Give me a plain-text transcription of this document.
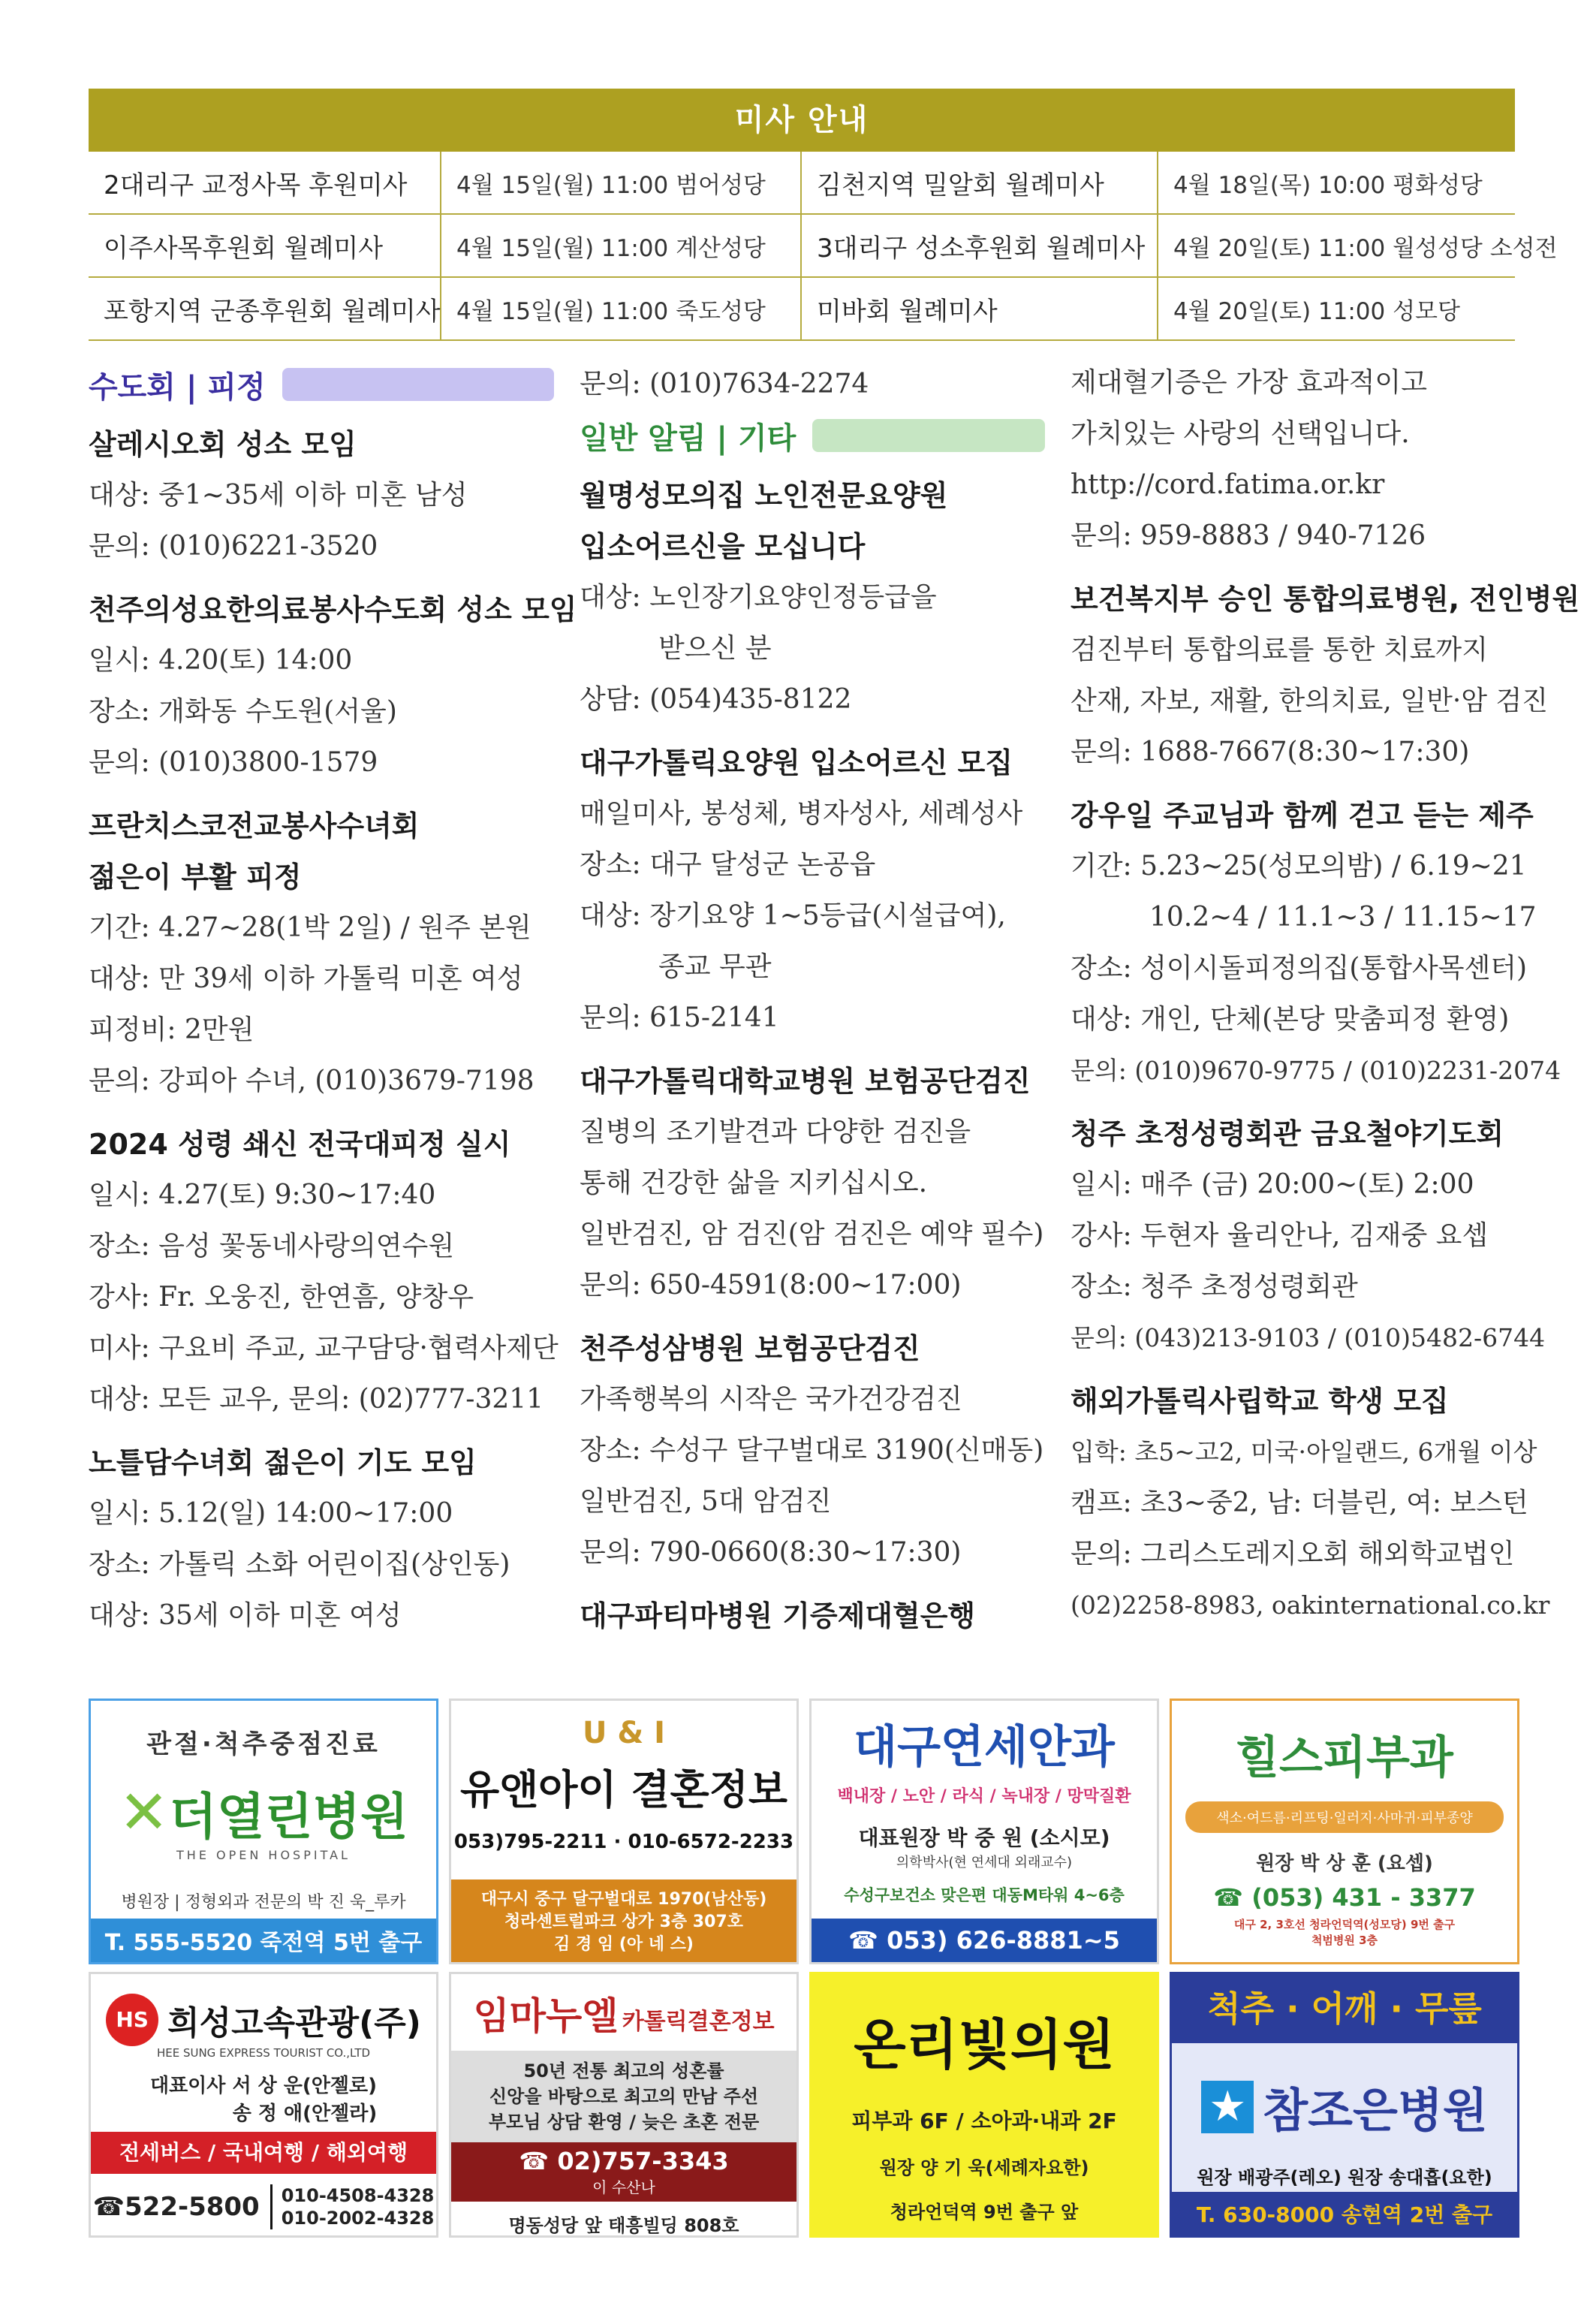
미사 안내
2대리구 교정사목 후원미사	4월 15일(월) 11:00 범어성당	김천지역 밀알회 월례미사	4월 18일(목) 10:00 평화성당
이주사목후원회 월례미사	4월 15일(월) 11:00 계산성당	3대리구 성소후원회 월례미사	4월 20일(토) 11:00 월성성당 소성전
포항지역 군종후원회 월례미사 4월 15일(월) 11:00 죽도성당	미바회 월례미사	4월 20일(토) 11:00 성모당
수도회 | 피정
살레시오회 성소 모임
대상: 중1~35세 이하 미혼 남성
문의: (010)6221-3520
천주의성요한의료봉사수도회 성소 모임
일시: 4.20(토) 14:00
장소: 개화동 수도원(서울)
문의: (010)3800-1579
프란치스코전교봉사수녀회
젊은이 부활 피정
기간: 4.27~28(1박 2일) / 원주 본원
대상: 만 39세 이하 가톨릭 미혼 여성
피정비: 2만원
문의: 강피아 수녀, (010)3679-7198
2024 성령 쇄신 전국대피정 실시
일시: 4.27(토) 9:30~17:40
장소: 음성 꽃동네사랑의연수원
강사: Fr. 오웅진, 한연흠, 양창우
미사: 구요비 주교, 교구담당·협력사제단
대상: 모든 교우, 문의: (02)777-3211
노틀담수녀회 젊은이 기도 모임
일시: 5.12(일) 14:00~17:00
장소: 가톨릭 소화 어린이집(상인동)
대상: 35세 이하 미혼 여성
문의: (010)7634-2274
일반 알림 | 기타
월명성모의집 노인전문요양원
입소어르신을 모십니다
대상: 노인장기요양인정등급을
받으신 분
상담: (054)435-8122
대구가톨릭요양원 입소어르신 모집
매일미사, 봉성체, 병자성사, 세례성사
장소: 대구 달성군 논공읍
대상: 장기요양 1~5등급(시설급여),
종교 무관
문의: 615-2141
대구가톨릭대학교병원 보험공단검진
질병의 조기발견과 다양한 검진을
통해 건강한 삶을 지키십시오.
일반검진, 암 검진(암 검진은 예약 필수)
문의: 650-4591(8:00~17:00)
천주성삼병원 보험공단검진
가족행복의 시작은 국가건강검진
장소: 수성구 달구벌대로 3190(신매동)
일반검진, 5대 암검진
문의: 790-0660(8:30~17:30)
대구파티마병원 기증제대혈은행
제대혈기증은 가장 효과적이고
가치있는 사랑의 선택입니다.
http://cord.fatima.or.kr
문의: 959-8883 / 940-7126
보건복지부 승인 통합의료병원, 전인병원
검진부터 통합의료를 통한 치료까지
산재, 자보, 재활, 한의치료, 일반·암 검진
문의: 1688-7667(8:30~17:30)
강우일 주교님과 함께 걷고 듣는 제주
기간: 5.23~25(성모의밤) / 6.19~21
10.2~4 / 11.1~3 / 11.15~17
장소: 성이시돌피정의집(통합사목센터)
대상: 개인, 단체(본당 맞춤피정 환영)
문의: (010)9670-9775 / (010)2231-2074
청주 초정성령회관 금요철야기도회
일시: 매주 (금) 20:00~(토) 2:00
강사: 두현자 율리안나, 김재중 요셉
장소: 청주 초정성령회관
문의: (043)213-9103 / (010)5482-6744
해외가톨릭사립학교 학생 모집
입학: 초5~고2, 미국·아일랜드, 6개월 이상
캠프: 초3~중2, 남: 더블린, 여: 보스턴
문의: 그리스도레지오회 해외학교법인
(02)2258-8983, oakinternational.co.kr
관절·척추중점진료
✕ 더열린병원
THE OPEN HOSPITAL
병원장 | 정형외과 전문의 박 진 욱_루카
T. 555-5520 죽전역 5번 출구
U & I
유앤아이 결혼정보
053)795-2211 · 010-6572-2233
대구시 중구 달구벌대로 1970(남산동)
청라센트럴파크 상가 3층 307호
김 경 임 (아 네 스)
대구연세안과
백내장 / 노안 / 라식 / 녹내장 / 망막질환
대표원장 박 중 원 (소시모)
의학박사(현 연세대 외래교수)
수성구보건소 맞은편 대동M타워 4~6층
☎ 053) 626-8881~5
힐스피부과
색소·여드름·리프팅·일러지·사마귀·피부종양
원장 박 상 훈 (요셉)
☎ (053) 431 - 3377
대구 2, 3호선 청라언덕역(성모당) 9번 출구
척범병원 3층
HS 희성고속관광(주)
HEE SUNG EXPRESS TOURIST CO.,LTD
대표이사 서 상 운(안젤로)
송 정 애(안젤라)
전세버스 / 국내여행 / 해외여행
☎522-5800 010-4508-4328
010-2002-4328
임마누엘 카톨릭결혼정보
50년 전통 최고의 성혼률
신앙을 바탕으로 최고의 만남 주선
부모님 상담 환영 / 늦은 초혼 전문
☎ 02)757-3343
이 수산나
명동성당 앞 태흥빌딩 808호
온리빛의원
피부과 6F / 소아과·내과 2F
원장 양 기 욱(세례자요한)
청라언덕역 9번 출구 앞
척추 · 어깨 · 무릎
★ 참조은병원
원장 배광주(레오) 원장 송대흡(요한)
T. 630-8000 송현역 2번 출구
